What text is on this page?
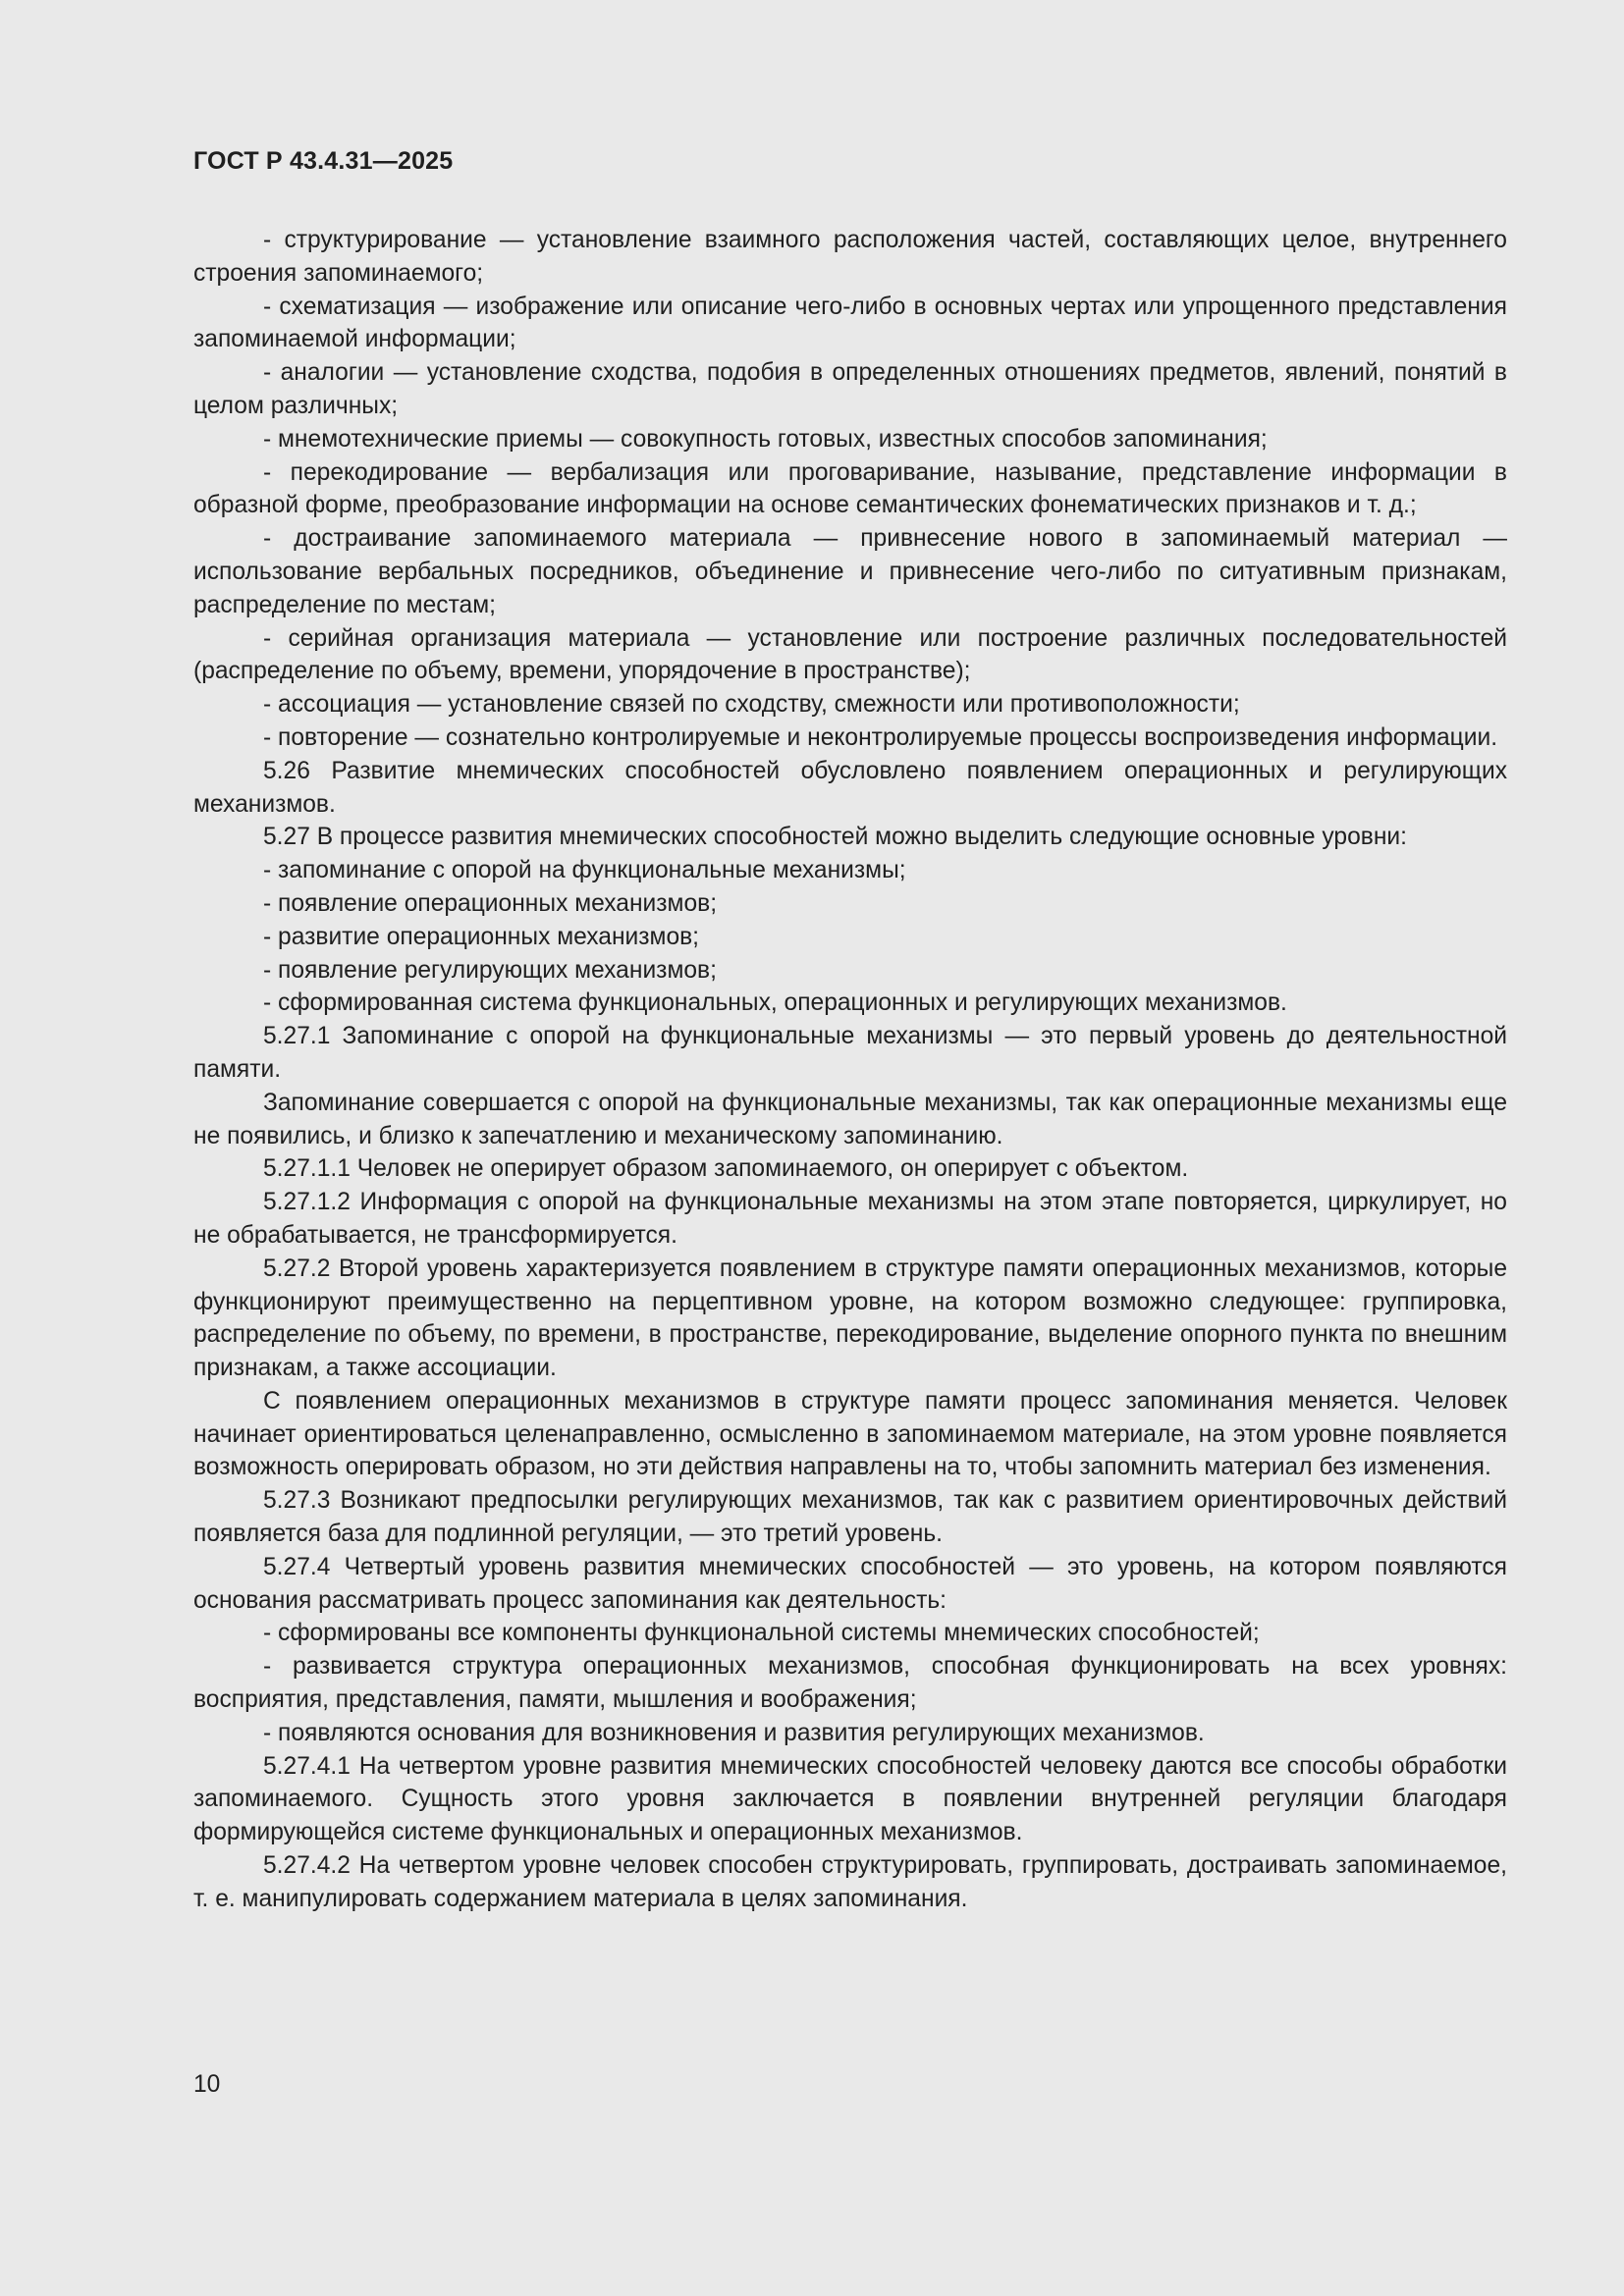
ГОСТ Р 43.4.31—2025

- структурирование — установление взаимного расположения частей, составляющих целое, внутреннего строения запоминаемого;

- схематизация — изображение или описание чего-либо в основных чертах или упрощенного представления запоминаемой информации;

- аналогии — установление сходства, подобия в определенных отношениях предметов, явлений, понятий в целом различных;

- мнемотехнические приемы — совокупность готовых, известных способов запоминания;

- перекодирование — вербализация или проговаривание, называние, представление информации в образной форме, преобразование информации на основе семантических фонематических признаков и т. д.;

- достраивание запоминаемого материала — привнесение нового в запоминаемый материал — использование вербальных посредников, объединение и привнесение чего-либо по ситуативным признакам, распределение по местам;

- серийная организация материала — установление или построение различных последовательностей (распределение по объему, времени, упорядочение в пространстве);

- ассоциация — установление связей по сходству, смежности или противоположности;

- повторение — сознательно контролируемые и неконтролируемые процессы воспроизведения информации.

5.26 Развитие мнемических способностей обусловлено появлением операционных и регулирующих механизмов.

5.27 В процессе развития мнемических способностей можно выделить следующие основные уровни:

- запоминание с опорой на функциональные механизмы;

- появление операционных механизмов;

- развитие операционных механизмов;

- появление регулирующих механизмов;

- сформированная система функциональных, операционных и регулирующих механизмов.

5.27.1 Запоминание с опорой на функциональные механизмы — это первый уровень до деятельностной памяти.

Запоминание совершается с опорой на функциональные механизмы, так как операционные механизмы еще не появились, и близко к запечатлению и механическому запоминанию.

5.27.1.1 Человек не оперирует образом запоминаемого, он оперирует с объектом.

5.27.1.2 Информация с опорой на функциональные механизмы на этом этапе повторяется, циркулирует, но не обрабатывается, не трансформируется.

5.27.2 Второй уровень характеризуется появлением в структуре памяти операционных механизмов, которые функционируют преимущественно на перцептивном уровне, на котором возможно следующее: группировка, распределение по объему, по времени, в пространстве, перекодирование, выделение опорного пункта по внешним признакам, а также ассоциации.

С появлением операционных механизмов в структуре памяти процесс запоминания меняется. Человек начинает ориентироваться целенаправленно, осмысленно в запоминаемом материале, на этом уровне появляется возможность оперировать образом, но эти действия направлены на то, чтобы запомнить материал без изменения.

5.27.3 Возникают предпосылки регулирующих механизмов, так как с развитием ориентировочных действий появляется база для подлинной регуляции, — это третий уровень.

5.27.4 Четвертый уровень развития мнемических способностей — это уровень, на котором появляются основания рассматривать процесс запоминания как деятельность:

- сформированы все компоненты функциональной системы мнемических способностей;

- развивается структура операционных механизмов, способная функционировать на всех уровнях: восприятия, представления, памяти, мышления и воображения;

- появляются основания для возникновения и развития регулирующих механизмов.

5.27.4.1 На четвертом уровне развития мнемических способностей человеку даются все способы обработки запоминаемого. Сущность этого уровня заключается в появлении внутренней регуляции благодаря формирующейся системе функциональных и операционных механизмов.

5.27.4.2 На четвертом уровне человек способен структурировать, группировать, достраивать запоминаемое, т. е. манипулировать содержанием материала в целях запоминания.

10
